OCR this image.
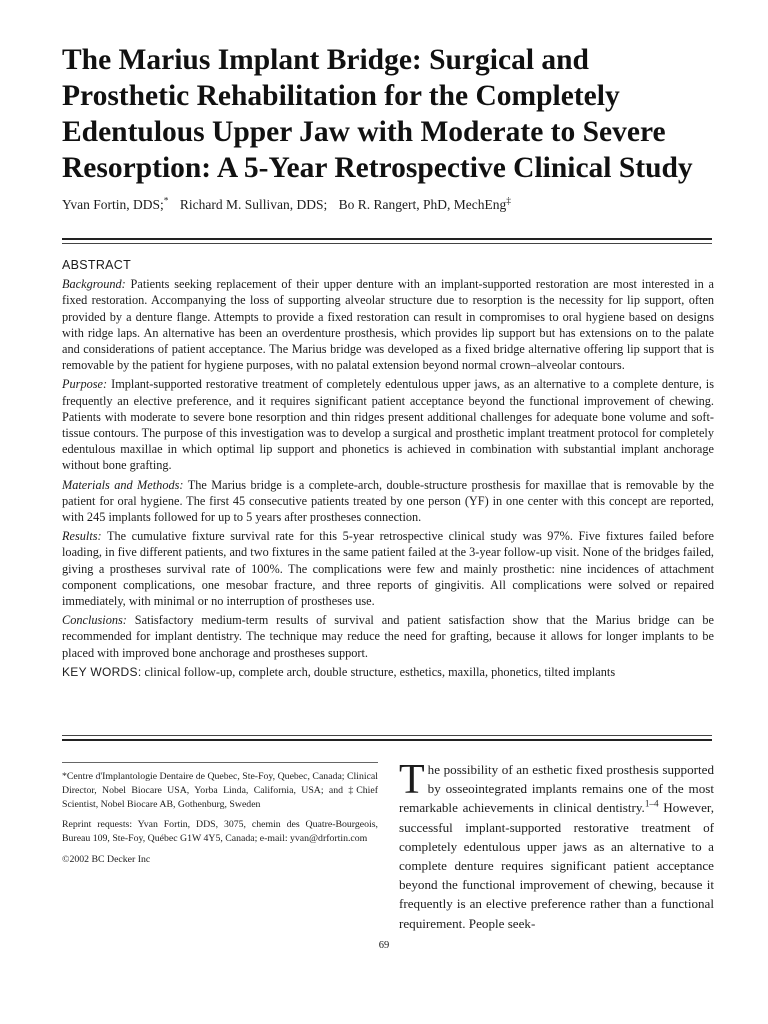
The Marius Implant Bridge: Surgical and Prosthetic Rehabilitation for the Completely Edentulous Upper Jaw with Moderate to Severe Resorption: A 5-Year Retrospective Clinical Study
Yvan Fortin, DDS;* Richard M. Sullivan, DDS; Bo R. Rangert, PhD, MechEng‡
ABSTRACT

Background: Patients seeking replacement of their upper denture with an implant-supported restoration are most interested in a fixed restoration. Accompanying the loss of supporting alveolar structure due to resorption is the necessity for lip support, often provided by a denture flange. Attempts to provide a fixed restoration can result in compromises to oral hygiene based on designs with ridge laps. An alternative has been an overdenture prosthesis, which provides lip support but has extensions on to the palate and considerations of patient acceptance. The Marius bridge was developed as a fixed bridge alternative offering lip support that is removable by the patient for hygiene purposes, with no palatal extension beyond normal crown–alveolar contours.

Purpose: Implant-supported restorative treatment of completely edentulous upper jaws, as an alternative to a complete denture, is frequently an elective preference, and it requires significant patient acceptance beyond the functional improvement of chewing. Patients with moderate to severe bone resorption and thin ridges present additional challenges for adequate bone volume and soft-tissue contours. The purpose of this investigation was to develop a surgical and prosthetic implant treatment protocol for completely edentulous maxillae in which optimal lip support and phonetics is achieved in combination with substantial implant anchorage without bone grafting.

Materials and Methods: The Marius bridge is a complete-arch, double-structure prosthesis for maxillae that is removable by the patient for oral hygiene. The first 45 consecutive patients treated by one person (YF) in one center with this concept are reported, with 245 implants followed for up to 5 years after prostheses connection.

Results: The cumulative fixture survival rate for this 5-year retrospective clinical study was 97%. Five fixtures failed before loading, in five different patients, and two fixtures in the same patient failed at the 3-year follow-up visit. None of the bridges failed, giving a prostheses survival rate of 100%. The complications were few and mainly prosthetic: nine incidences of attachment component complications, one mesobar fracture, and three reports of gingivitis. All complications were solved or repaired immediately, with minimal or no interruption of prostheses use.

Conclusions: Satisfactory medium-term results of survival and patient satisfaction show that the Marius bridge can be recommended for implant dentistry. The technique may reduce the need for grafting, because it allows for longer implants to be placed with improved bone anchorage and prostheses support.

KEY WORDS: clinical follow-up, complete arch, double structure, esthetics, maxilla, phonetics, tilted implants

*Centre d'Implantologie Dentaire de Quebec, Ste-Foy, Quebec, Canada; Clinical Director, Nobel Biocare USA, Yorba Linda, California, USA; and ‡Chief Scientist, Nobel Biocare AB, Gothenburg, Sweden

Reprint requests: Yvan Fortin, DDS, 3075, chemin des Quatre-Bourgeois, Bureau 109, Ste-Foy, Québec G1W 4Y5, Canada; e-mail: yvan@drfortin.com

©2002 BC Decker Inc

The possibility of an esthetic fixed prosthesis supported by osseointegrated implants remains one of the most remarkable achievements in clinical dentistry.$^{1-4}$ However, successful implant-supported restorative treatment of completely edentulous upper jaws as an alternative to a complete denture requires significant patient acceptance beyond the functional improvement of chewing, because it frequently is an elective preference rather than a functional requirement. People seek-
69
